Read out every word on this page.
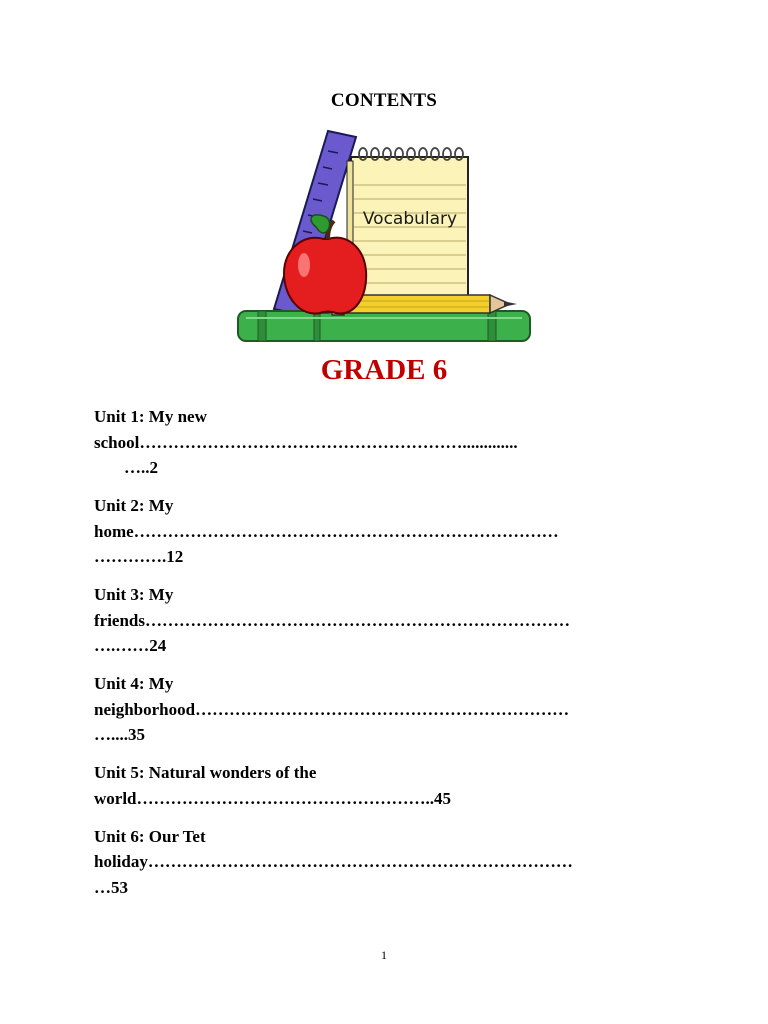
CONTENTS
Vocabulary
GRADE 6
Unit 1: My new
school………………………………………………….............
…..2
Unit 2: My
home…………………………………………………………………
………….12
Unit 3: My
friends…………………………………………………………………
….……24
Unit 4: My
neighborhood…………………………………………………………
…....35
Unit 5: Natural wonders of the
world……………………………………………..45
Unit 6: Our Tet
holiday…………………………………………………………………
…53
1
